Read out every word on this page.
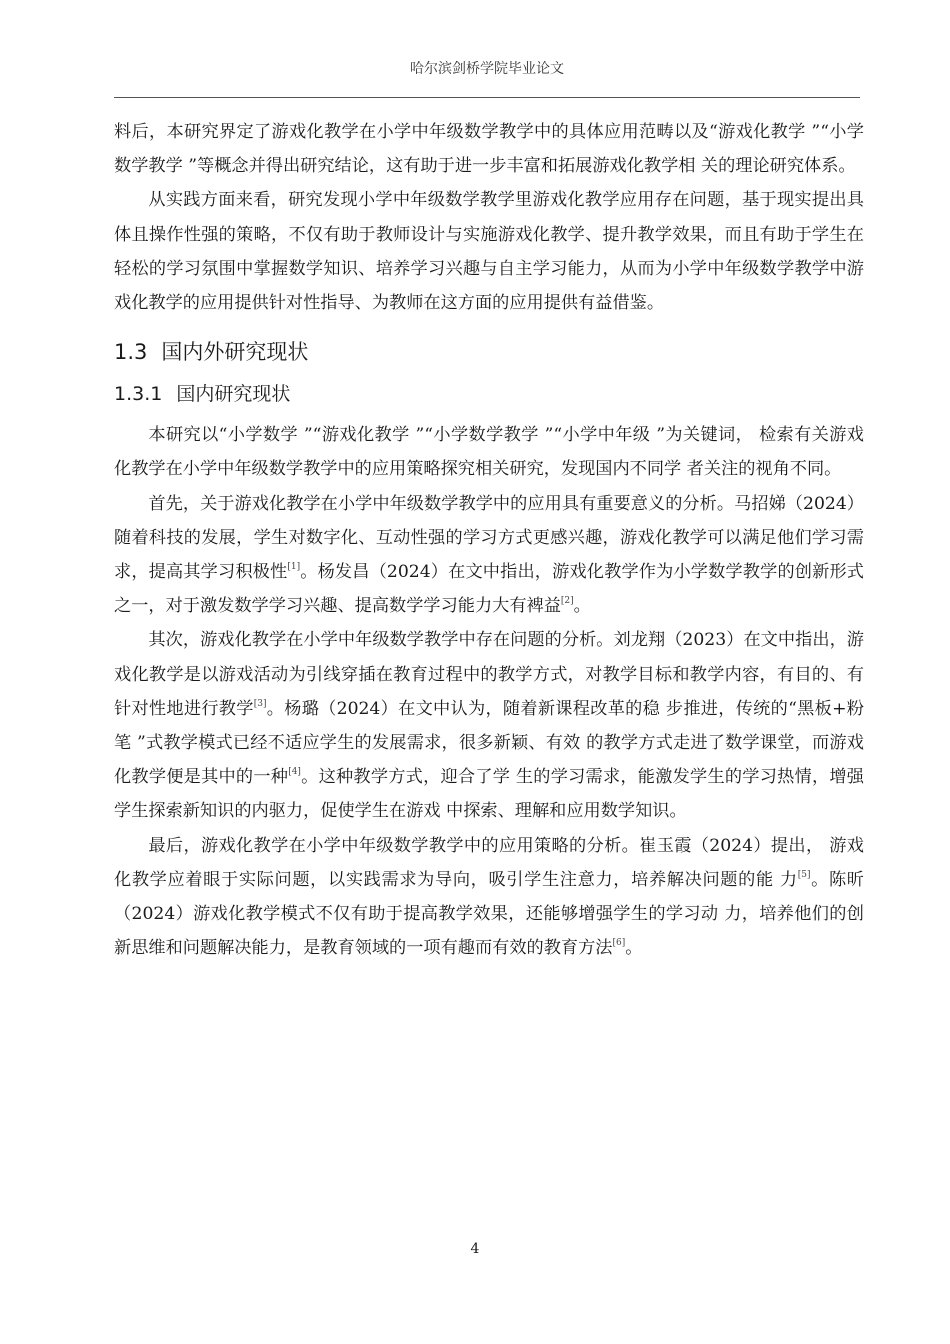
哈尔滨剑桥学院毕业论文

料后，本研究界定了游戏化教学在小学中年级数学教学中的具体应用范畴以及“游戏化教学 ”“小学数学教学 ”等概念并得出研究结论，这有助于进一步丰富和拓展游戏化教学相 关的理论研究体系。

从实践方面来看，研究发现小学中年级数学教学里游戏化教学应用存在问题，基于现实提出具体且操作性强的策略，不仅有助于教师设计与实施游戏化教学、提升教学效果，而且有助于学生在轻松的学习氛围中掌握数学知识、培养学习兴趣与自主学习能力，从而为小学中年级数学教学中游戏化教学的应用提供针对性指导、为教师在这方面的应用提供有益借鉴。

1.3 国内外研究现状
1.3.1 国内研究现状

本研究以“小学数学 ”“游戏化教学 ”“小学数学教学 ”“小学中年级 ”为关键词， 检索有关游戏化教学在小学中年级数学教学中的应用策略探究相关研究，发现国内不同学 者关注的视角不同。

首先，关于游戏化教学在小学中年级数学教学中的应用具有重要意义的分析。马招娣（2024）随着科技的发展，学生对数字化、互动性强的学习方式更感兴趣，游戏化教学可以满足他们学习需求，提高其学习积极性[1]。杨发昌（2024）在文中指出，游戏化教学作为小学数学教学的创新形式之一，对于激发数学学习兴趣、提高数学学习能力大有裨益[2]。

其次，游戏化教学在小学中年级数学教学中存在问题的分析。刘龙翔（2023）在文中指出，游戏化教学是以游戏活动为引线穿插在教育过程中的教学方式，对教学目标和教学内容，有目的、有针对性地进行教学[3]。杨璐（2024）在文中认为，随着新课程改革的稳 步推进，传统的“黑板+粉笔 ”式教学模式已经不适应学生的发展需求，很多新颖、有效 的教学方式走进了数学课堂，而游戏化教学便是其中的一种[4]。这种教学方式，迎合了学 生的学习需求，能激发学生的学习热情，增强学生探索新知识的内驱力，促使学生在游戏 中探索、理解和应用数学知识。

最后，游戏化教学在小学中年级数学教学中的应用策略的分析。崔玉霞（2024）提出， 游戏化教学应着眼于实际问题，以实践需求为导向，吸引学生注意力，培养解决问题的能 力[5]。陈昕（2024）游戏化教学模式不仅有助于提高教学效果，还能够增强学生的学习动 力，培养他们的创新思维和问题解决能力，是教育领域的一项有趣而有效的教育方法[6]。

4
